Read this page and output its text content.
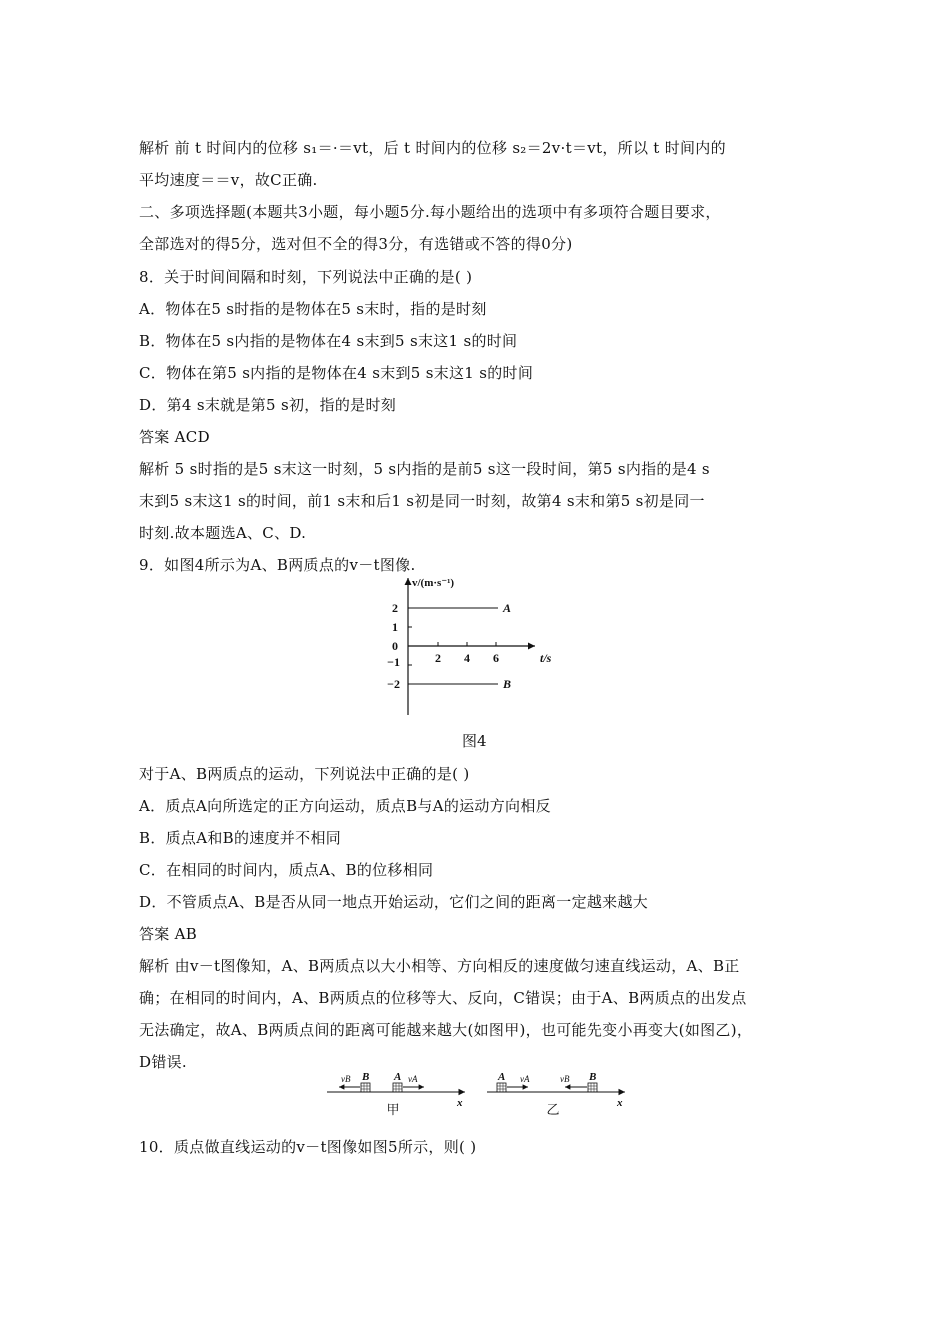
解析 前 t 时间内的位移 s₁＝·＝vt，后 t 时间内的位移 s₂＝2v·t＝vt，所以 t 时间内的
平均速度＝＝v，故C正确.
二、多项选择题(本题共3小题，每小题5分.每小题给出的选项中有多项符合题目要求，
全部选对的得5分，选对但不全的得3分，有选错或不答的得0分)
8．关于时间间隔和时刻，下列说法中正确的是( )
A．物体在5 s时指的是物体在5 s末时，指的是时刻
B．物体在5 s内指的是物体在4 s末到5 s末这1 s的时间
C．物体在第5 s内指的是物体在4 s末到5 s末这1 s的时间
D．第4 s末就是第5 s初，指的是时刻
答案 ACD
解析 5 s时指的是5 s末这一时刻，5 s内指的是前5 s这一段时间，第5 s内指的是4 s
末到5 s末这1 s的时间，前1 s末和后1 s初是同一时刻，故第4 s末和第5 s初是同一
时刻.故本题选A、C、D.
9．如图4所示为A、B两质点的v－t图像.
v/(m·s⁻¹)
t/s
2
1
0
−1
−2
2 4 6
A
B
图4
对于A、B两质点的运动，下列说法中正确的是( )
A．质点A向所选定的正方向运动，质点B与A的运动方向相反
B．质点A和B的速度并不相同
C．在相同的时间内，质点A、B的位移相同
D．不管质点A、B是否从同一地点开始运动，它们之间的距离一定越来越大
答案 AB
解析 由v－t图像知，A、B两质点以大小相等、方向相反的速度做匀速直线运动，A、B正
确；在相同的时间内，A、B两质点的位移等大、反向，C错误；由于A、B两质点的出发点
无法确定，故A、B两质点间的距离可能越来越大(如图甲)，也可能先变小再变大(如图乙)，
D错误.
vB B A vA
x
甲
A vA	vB B
x
乙
10．质点做直线运动的v－t图像如图5所示，则( )
